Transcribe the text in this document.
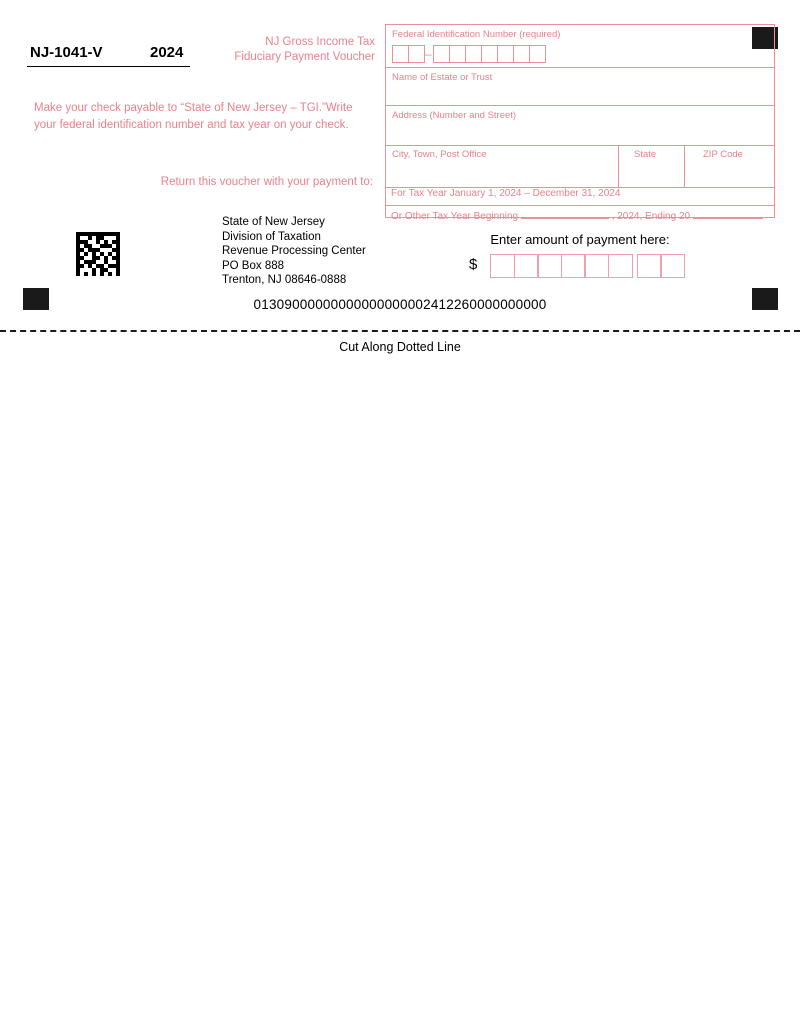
NJ-1041-V	2024
NJ Gross Income Tax
Fiduciary Payment Voucher
Make your check payable to “State of New Jersey – TGI.”Write your federal identification number and tax year on your check.
Return this voucher with your payment to:
State of New Jersey
Division of Taxation
Revenue Processing Center
PO Box 888
Trenton, NJ 08646-0888
01309000000000000000002412260000000000
Federal Identification Number (required)
Name of Estate or Trust
Address (Number and Street)
City, Town, Post Office	State	ZIP Code
–
For Tax Year January 1, 2024 – December 31, 2024
Or Other Tax Year Beginning	, 2024, Ending 20
Enter amount of payment here:
$
Cut Along Dotted Line
